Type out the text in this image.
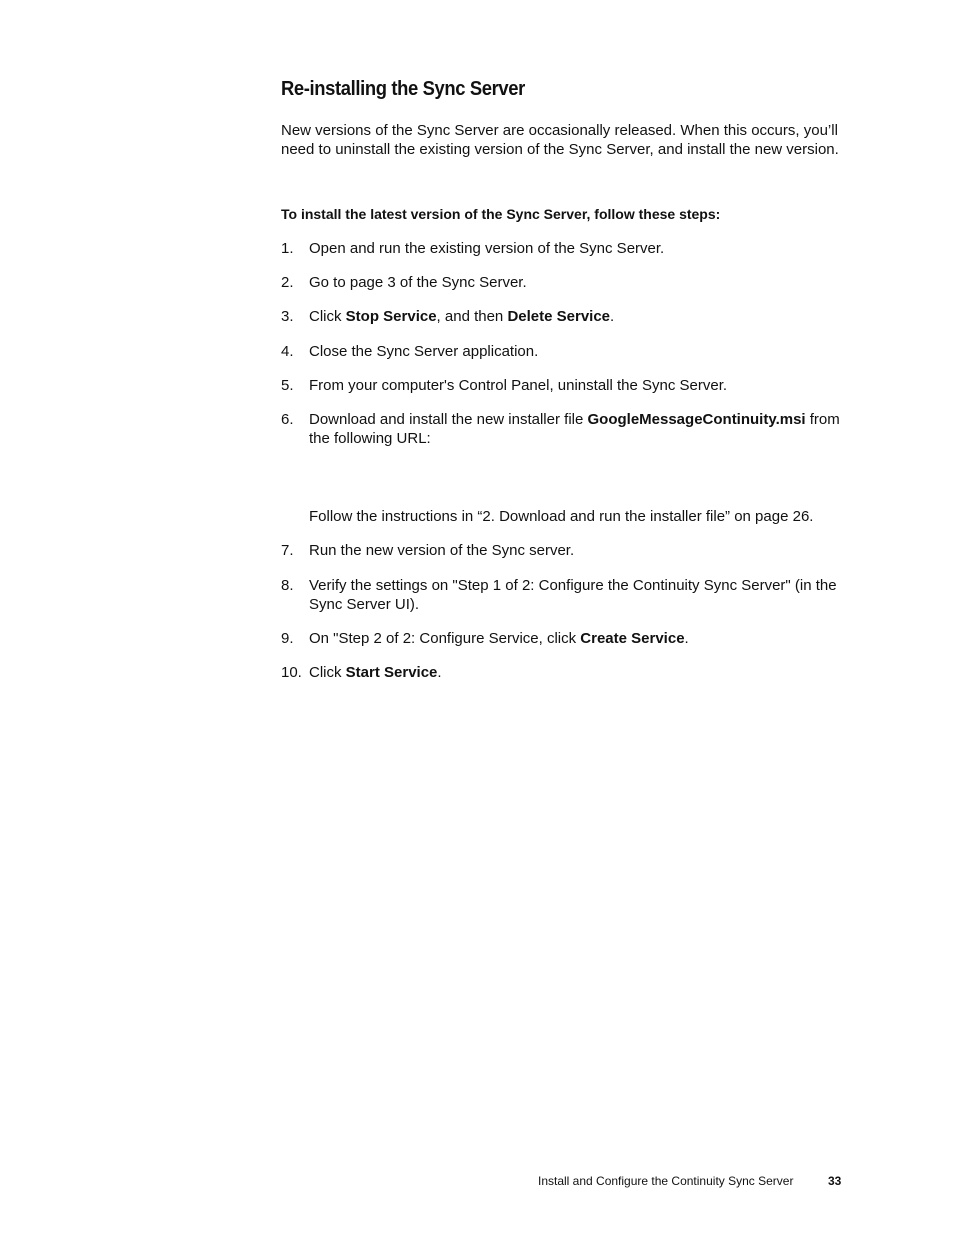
Re-installing the Sync Server

New versions of the Sync Server are occasionally released. When this occurs, you’ll need to uninstall the existing version of the Sync Server, and install the new version.

To install the latest version of the Sync Server, follow these steps:

1.	Open and run the existing version of the Sync Server.
2.	Go to page 3 of the Sync Server.
3.	Click Stop Service, and then Delete Service.
4.	Close the Sync Server application.
5.	From your computer's Control Panel, uninstall the Sync Server.
6.	Download and install the new installer file GoogleMessageContinuity.msi from the following URL:
Follow the instructions in “2. Download and run the installer file” on page 26.
7.	Run the new version of the Sync server.
8.	Verify the settings on "Step 1 of 2: Configure the Continuity Sync Server" (in the Sync Server UI).
9.	On "Step 2 of 2: Configure Service, click Create Service.
10. Click Start Service.
Install and Configure the Continuity Sync Server	33
